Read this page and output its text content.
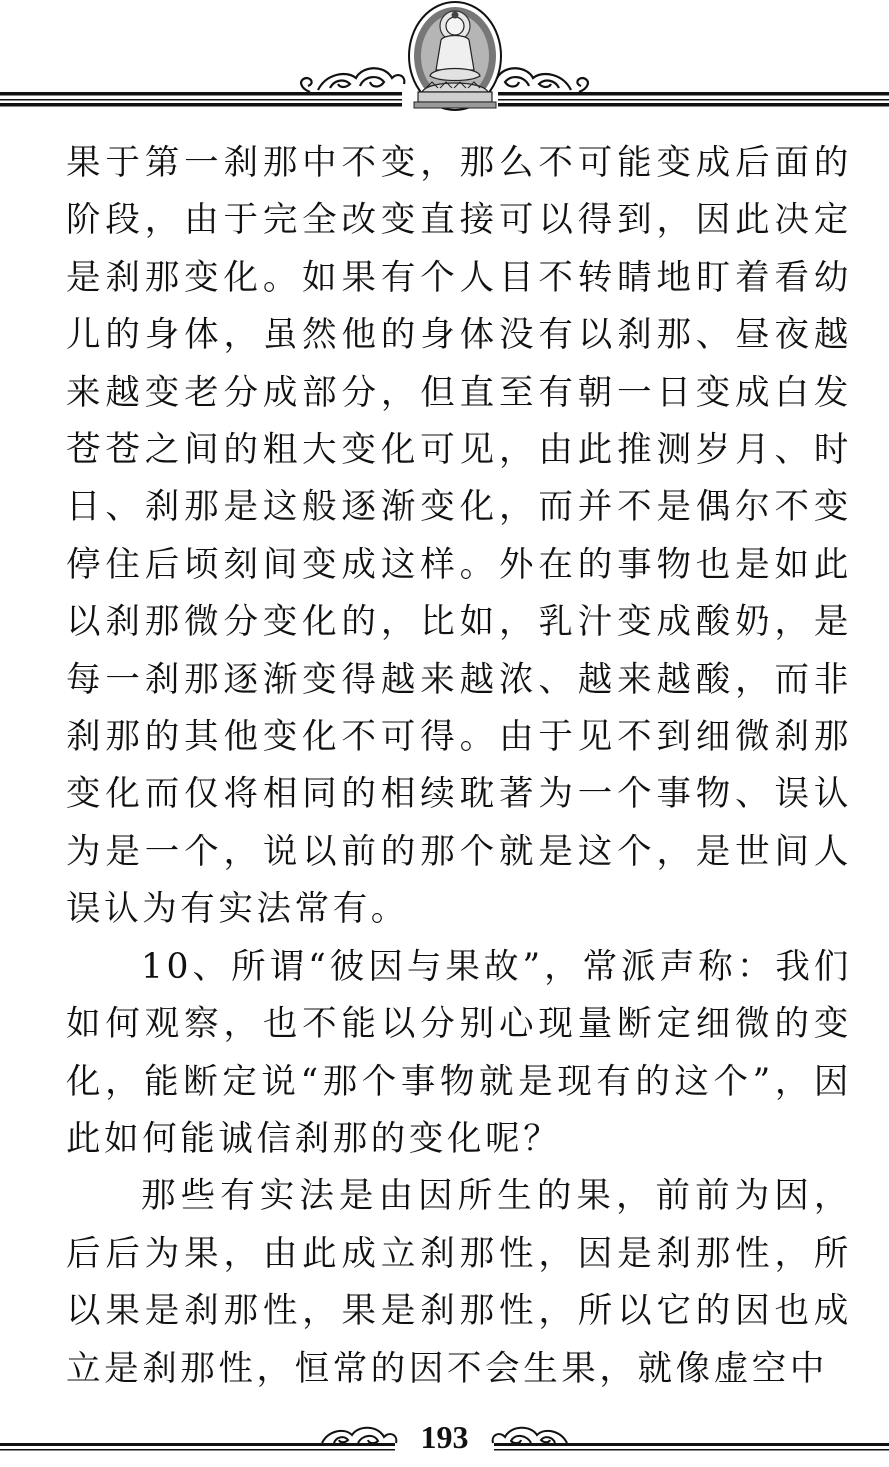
果于第一刹那中不变，那么不可能变成后面的阶段，由于完全改变直接可以得到，因此决定是刹那变化。如果有个人目不转睛地盯着看幼儿的身体，虽然他的身体没有以刹那、昼夜越来越变老分成部分，但直至有朝一日变成白发苍苍之间的粗大变化可见，由此推测岁月、时日、刹那是这般逐渐变化，而并不是偶尔不变停住后顷刻间变成这样。外在的事物也是如此以刹那微分变化的，比如，乳汁变成酸奶，是每一刹那逐渐变得越来越浓、越来越酸，而非刹那的其他变化不可得。由于见不到细微刹那变化而仅将相同的相续耽著为一个事物、误认为是一个，说以前的那个就是这个，是世间人误认为有实法常有。

10、所谓“彼因与果故”，常派声称：我们如何观察，也不能以分别心现量断定细微的变化，能断定说“那个事物就是现有的这个”，因此如何能诚信刹那的变化呢？

那些有实法是由因所生的果，前前为因，后后为果，由此成立刹那性，因是刹那性，所以果是刹那性，果是刹那性，所以它的因也成立是刹那性，恒常的因不会生果，就像虚空中

193
